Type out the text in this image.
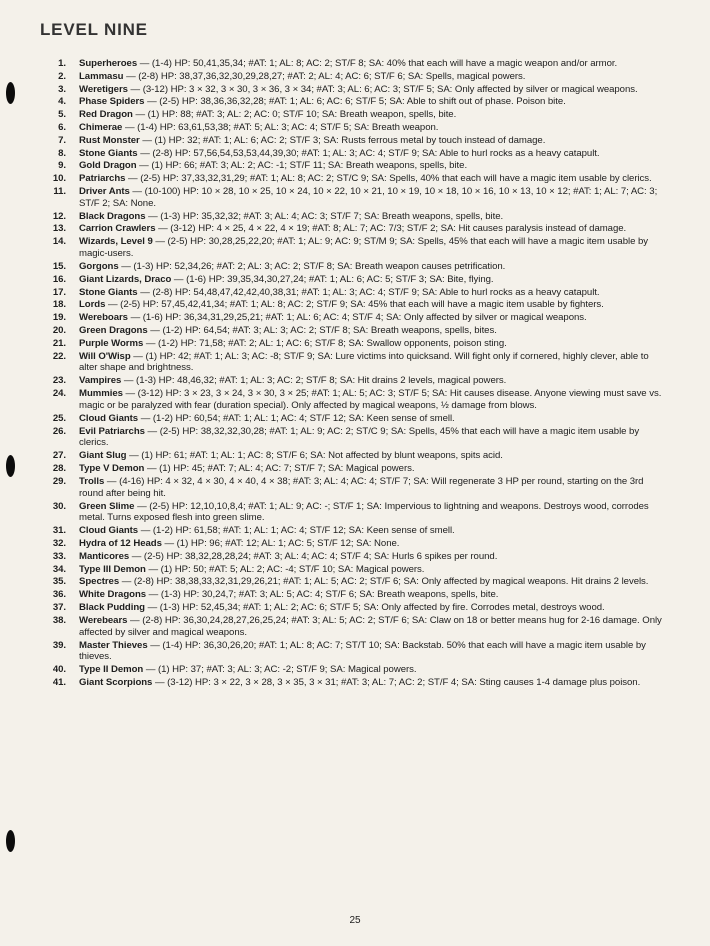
LEVEL NINE
1. Superheroes — (1-4) HP: 50,41,35,34; #AT: 1; AL: 8; AC: 2; ST/F 8; SA: 40% that each will have a magic weapon and/or armor.
2. Lammasu — (2-8) HP: 38,37,36,32,30,29,28,27; #AT: 2; AL: 4; AC: 6; ST/F 6; SA: Spells, magical powers.
3. Weretigers — (3-12) HP: 3 × 32, 3 × 30, 3 × 36, 3 × 34; #AT: 3; AL: 6; AC: 3; ST/F 5; SA: Only affected by silver or magical weapons.
4. Phase Spiders — (2-5) HP: 38,36,36,32,28; #AT: 1; AL: 6; AC: 6; ST/F 5; SA: Able to shift out of phase. Poison bite.
5. Red Dragon — (1) HP: 88; #AT: 3; AL: 2; AC: 0; ST/F 10; SA: Breath weapon, spells, bite.
6. Chimerae — (1-4) HP: 63,61,53,38; #AT: 5; AL: 3; AC: 4; ST/F 5; SA: Breath weapon.
7. Rust Monster — (1) HP: 32; #AT: 1; AL: 6; AC: 2; ST/F 3; SA: Rusts ferrous metal by touch instead of damage.
8. Stone Giants — (2-8) HP: 57,56,54,53,53,44,39,30; #AT: 1; AL: 3; AC: 4; ST/F 9; SA: Able to hurl rocks as a heavy catapult.
9. Gold Dragon — (1) HP: 66; #AT: 3; AL: 2; AC: -1; ST/F 11; SA: Breath weapons, spells, bite.
10. Patriarchs — (2-5) HP: 37,33,32,31,29; #AT: 1; AL: 8; AC: 2; ST/C 9; SA: Spells, 40% that each will have a magic item usable by clerics.
11. Driver Ants — (10-100) HP: 10 × 28, 10 × 25, 10 × 24, 10 × 22, 10 × 21, 10 × 19, 10 × 18, 10 × 16, 10 × 13, 10 × 12; #AT: 1; AL: 7; AC: 3; ST/F 2; SA: None.
12. Black Dragons — (1-3) HP: 35,32,32; #AT: 3; AL: 4; AC: 3; ST/F 7; SA: Breath weapons, spells, bite.
13. Carrion Crawlers — (3-12) HP: 4 × 25, 4 × 22, 4 × 19; #AT: 8; AL: 7; AC: 7/3; ST/F 2; SA: Hit causes paralysis instead of damage.
14. Wizards, Level 9 — (2-5) HP: 30,28,25,22,20; #AT: 1; AL: 9; AC: 9; ST/M 9; SA: Spells, 45% that each will have a magic item usable by magic-users.
15. Gorgons — (1-3) HP: 52,34,26; #AT: 2; AL: 3; AC: 2; ST/F 8; SA: Breath weapon causes petrification.
16. Giant Lizards, Draco — (1-6) HP: 39,35,34,30,27,24; #AT: 1; AL: 6; AC: 5; ST/F 3; SA: Bite, flying.
17. Stone Giants — (2-8) HP: 54,48,47,42,42,40,38,31; #AT: 1; AL: 3; AC: 4; ST/F 9; SA: Able to hurl rocks as a heavy catapult.
18. Lords — (2-5) HP: 57,45,42,41,34; #AT: 1; AL: 8; AC: 2; ST/F 9; SA: 45% that each will have a magic item usable by fighters.
19. Wereboars — (1-6) HP: 36,34,31,29,25,21; #AT: 1; AL: 6; AC: 4; ST/F 4; SA: Only affected by silver or magical weapons.
20. Green Dragons — (1-2) HP: 64,54; #AT: 3; AL: 3; AC: 2; ST/F 8; SA: Breath weapons, spells, bites.
21. Purple Worms — (1-2) HP: 71,58; #AT: 2; AL: 1; AC: 6; ST/F 8; SA: Swallow opponents, poison sting.
22. Will O'Wisp — (1) HP: 42; #AT: 1; AL: 3; AC: -8; ST/F 9; SA: Lure victims into quicksand. Will fight only if cornered, highly clever, able to alter shape and brightness.
23. Vampires — (1-3) HP: 48,46,32; #AT: 1; AL: 3; AC: 2; ST/F 8; SA: Hit drains 2 levels, magical powers.
24. Mummies — (3-12) HP: 3 × 23, 3 × 24, 3 × 30, 3 × 25; #AT: 1; AL: 5; AC: 3; ST/F 5; SA: Hit causes disease. Anyone viewing must save vs. magic or be paralyzed with fear (duration special). Only affected by magical weapons, ½ damage from blows.
25. Cloud Giants — (1-2) HP: 60,54; #AT: 1; AL: 1; AC: 4; ST/F 12; SA: Keen sense of smell.
26. Evil Patriarchs — (2-5) HP: 38,32,32,30,28; #AT: 1; AL: 9; AC: 2; ST/C 9; SA: Spells, 45% that each will have a magic item usable by clerics.
27. Giant Slug — (1) HP: 61; #AT: 1; AL: 1; AC: 8; ST/F 6; SA: Not affected by blunt weapons, spits acid.
28. Type V Demon — (1) HP: 45; #AT: 7; AL: 4; AC: 7; ST/F 7; SA: Magical powers.
29. Trolls — (4-16) HP: 4 × 32, 4 × 30, 4 × 40, 4 × 38; #AT: 3; AL: 4; AC: 4; ST/F 7; SA: Will regenerate 3 HP per round, starting on the 3rd round after being hit.
30. Green Slime — (2-5) HP: 12,10,10,8,4; #AT: 1; AL: 9; AC: -; ST/F 1; SA: Impervious to lightning and weapons. Destroys wood, corrodes metal. Turns exposed flesh into green slime.
31. Cloud Giants — (1-2) HP: 61,58; #AT: 1; AL: 1; AC: 4; ST/F 12; SA: Keen sense of smell.
32. Hydra of 12 Heads — (1) HP: 96; #AT: 12; AL: 1; AC: 5; ST/F 12; SA: None.
33. Manticores — (2-5) HP: 38,32,28,28,24; #AT: 3; AL: 4; AC: 4; ST/F 4; SA: Hurls 6 spikes per round.
34. Type III Demon — (1) HP: 50; #AT: 5; AL: 2; AC: -4; ST/F 10; SA: Magical powers.
35. Spectres — (2-8) HP: 38,38,33,32,31,29,26,21; #AT: 1; AL: 5; AC: 2; ST/F 6; SA: Only affected by magical weapons. Hit drains 2 levels.
36. White Dragons — (1-3) HP: 30,24,7; #AT: 3; AL: 5; AC: 4; ST/F 6; SA: Breath weapons, spells, bite.
37. Black Pudding — (1-3) HP: 52,45,34; #AT: 1; AL: 2; AC: 6; ST/F 5; SA: Only affected by fire. Corrodes metal, destroys wood.
38. Werebears — (2-8) HP: 36,30,24,28,27,26,25,24; #AT: 3; AL: 5; AC: 2; ST/F 6; SA: Claw on 18 or better means hug for 2-16 damage. Only affected by silver and magical weapons.
39. Master Thieves — (1-4) HP: 36,30,26,20; #AT: 1; AL: 8; AC: 7; ST/T 10; SA: Backstab. 50% that each will have a magic item usable by thieves.
40. Type II Demon — (1) HP: 37; #AT: 3; AL: 3; AC: -2; ST/F 9; SA: Magical powers.
41. Giant Scorpions — (3-12) HP: 3 × 22, 3 × 28, 3 × 35, 3 × 31; #AT: 3; AL: 7; AC: 2; ST/F 4; SA: Sting causes 1-4 damage plus poison.
25
